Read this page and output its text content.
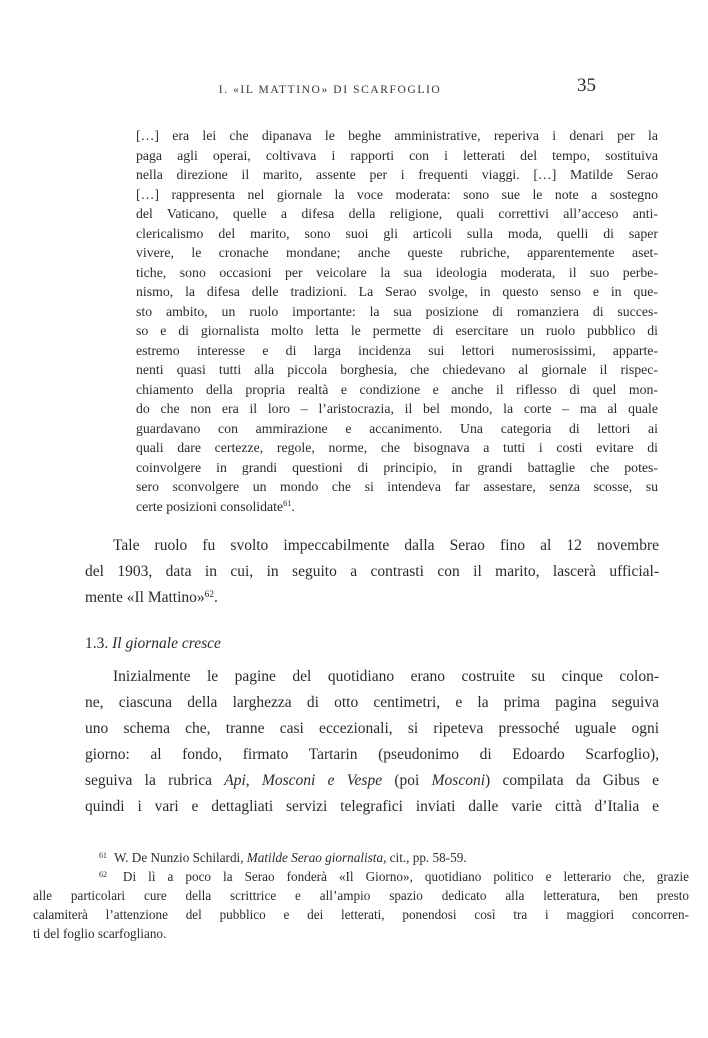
I. «IL MATTINO» DI SCARFOGLIO	35
[…] era lei che dipanava le beghe amministrative, reperiva i denari per la
paga agli operai, coltivava i rapporti con i letterati del tempo, sostituiva
nella direzione il marito, assente per i frequenti viaggi. […] Matilde Serao
[…] rappresenta nel giornale la voce moderata: sono sue le note a sostegno
del Vaticano, quelle a difesa della religione, quali correttivi all’acceso anti-
clericalismo del marito, sono suoi gli articoli sulla moda, quelli di saper
vivere, le cronache mondane; anche queste rubriche, apparentemente aset-
tiche, sono occasioni per veicolare la sua ideologia moderata, il suo perbe-
nismo, la difesa delle tradizioni. La Serao svolge, in questo senso e in que-
sto ambito, un ruolo importante: la sua posizione di romanziera di succes-
so e di giornalista molto letta le permette di esercitare un ruolo pubblico di
estremo interesse e di larga incidenza sui lettori numerosissimi, apparte-
nenti quasi tutti alla piccola borghesia, che chiedevano al giornale il rispec-
chiamento della propria realtà e condizione e anche il riflesso di quel mon-
do che non era il loro – l’aristocrazia, il bel mondo, la corte – ma al quale
guardavano con ammirazione e accanimento. Una categoria di lettori ai
quali dare certezze, regole, norme, che bisognava a tutti i costi evitare di
coinvolgere in grandi questioni di principio, in grandi battaglie che potes-
sero sconvolgere un mondo che si intendeva far assestare, senza scosse, su
certe posizioni consolidate$^{61}$.
Tale ruolo fu svolto impeccabilmente dalla Serao fino al 12 novembre
del 1903, data in cui, in seguito a contrasti con il marito, lascerà ufficial-
mente «Il Mattino»$^{62}$.
1.3. Il giornale cresce
Inizialmente le pagine del quotidiano erano costruite su cinque colon-
ne, ciascuna della larghezza di otto centimetri, e la prima pagina seguiva
uno schema che, tranne casi eccezionali, si ripeteva pressoché uguale ogni
giorno: al fondo, firmato Tartarin (pseudonimo di Edoardo Scarfoglio),
seguiva la rubrica Api, Mosconi e Vespe (poi Mosconi) compilata da Gibus e
quindi i vari e dettagliati servizi telegrafici inviati dalle varie città d’Italia e
$^{61}$ W. De Nunzio Schilardi, Matilde Serao giornalista, cit., pp. 58-59.
$^{62}$ Di lì a poco la Serao fonderà «Il Giorno», quotidiano politico e letterario che, grazie
alle particolari cure della scrittrice e all’ampio spazio dedicato alla letteratura, ben presto
calamiterà l’attenzione del pubblico e dei letterati, ponendosi così tra i maggiori concorren-
ti del foglio scarfogliano.
